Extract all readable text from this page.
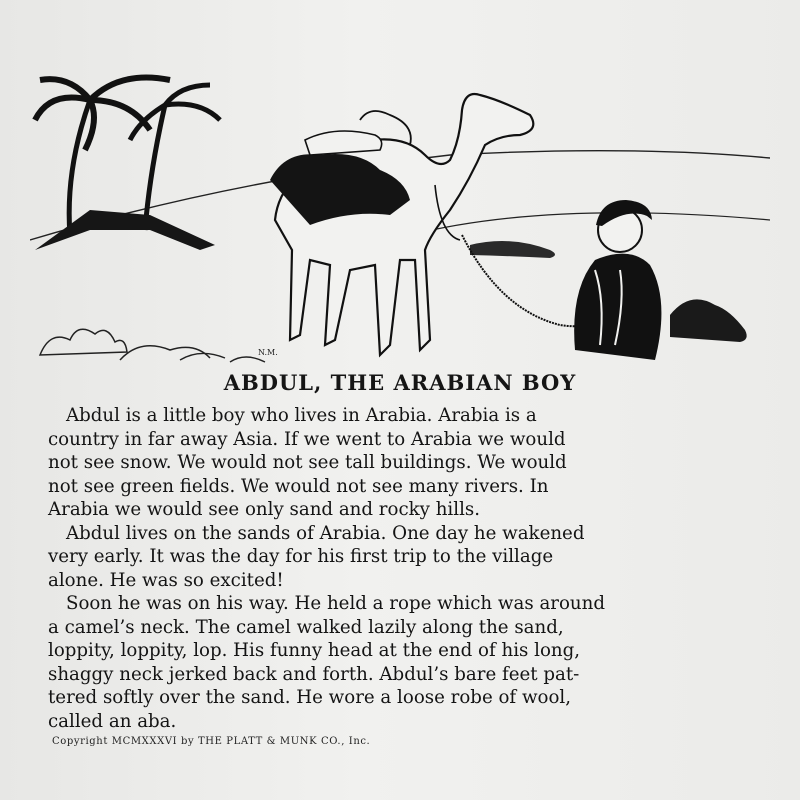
N.M.
ABDUL, THE ARABIAN BOY

Abdul is a little boy who lives in Arabia. Arabia is a
country in far away Asia. If we went to Arabia we would
not see snow. We would not see tall buildings. We would
not see green fields. We would not see many rivers. In
Arabia we would see only sand and rocky hills.

Abdul lives on the sands of Arabia. One day he wakened
very early. It was the day for his first trip to the village
alone. He was so excited!

Soon he was on his way. He held a rope which was around
a camel’s neck. The camel walked lazily along the sand,
loppity, loppity, lop. His funny head at the end of his long,
shaggy neck jerked back and forth. Abdul’s bare feet pat-
tered softly over the sand. He wore a loose robe of wool,
called an aba.

Copyright MCMXXXVI by THE PLATT & MUNK CO., Inc.
